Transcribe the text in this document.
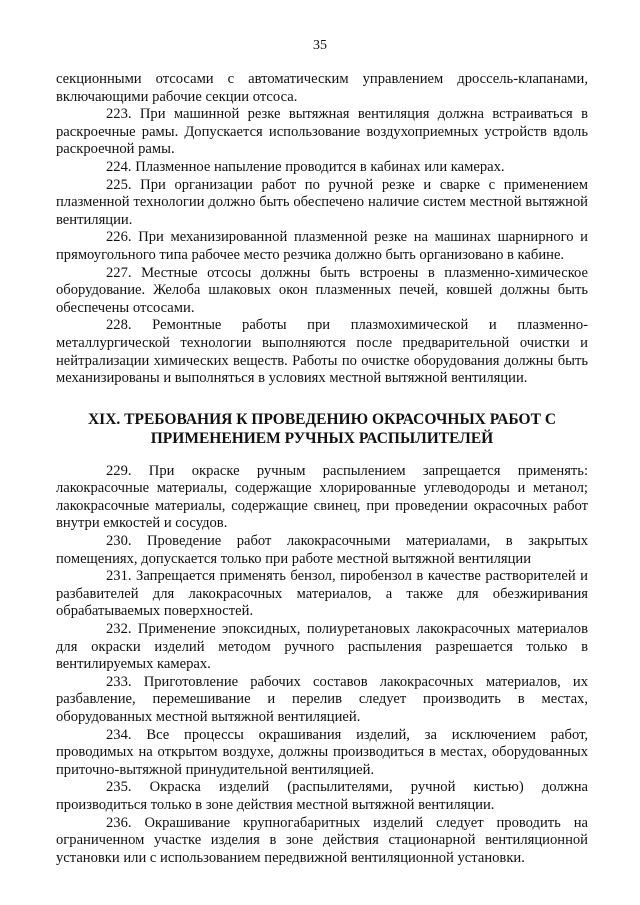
35

секционными отсосами с автоматическим управлением дроссель-клапанами, включающими рабочие секции отсоса.

223. При машинной резке вытяжная вентиляция должна встраиваться в раскроечные рамы. Допускается использование воздухоприемных устройств вдоль раскроечной рамы.

224. Плазменное напыление проводится в кабинах или камерах.

225. При организации работ по ручной резке и сварке с применением плазменной технологии должно быть обеспечено наличие систем местной вытяжной вентиляции.

226. При механизированной плазменной резке на машинах шарнирного и прямоугольного типа рабочее место резчика должно быть организовано в кабине.

227. Местные отсосы должны быть встроены в плазменно-химическое оборудование. Желоба шлаковых окон плазменных печей, ковшей должны быть обеспечены отсосами.

228. Ремонтные работы при плазмохимической и плазменно-металлургической технологии выполняются после предварительной очистки и нейтрализации химических веществ. Работы по очистке оборудования должны быть механизированы и выполняться в условиях местной вытяжной вентиляции.

XIX. ТРЕБОВАНИЯ К ПРОВЕДЕНИЮ ОКРАСОЧНЫХ РАБОТ С ПРИМЕНЕНИЕМ РУЧНЫХ РАСПЫЛИТЕЛЕЙ

229. При окраске ручным распылением запрещается применять: лакокрасочные материалы, содержащие хлорированные углеводороды и метанол; лакокрасочные материалы, содержащие свинец, при проведении окрасочных работ внутри емкостей и сосудов.

230. Проведение работ лакокрасочными материалами, в закрытых помещениях, допускается только при работе местной вытяжной вентиляции

231. Запрещается применять бензол, пиробензол в качестве растворителей и разбавителей для лакокрасочных материалов, а также для обезжиривания обрабатываемых поверхностей.

232. Применение эпоксидных, полиуретановых лакокрасочных материалов для окраски изделий методом ручного распыления разрешается только в вентилируемых камерах.

233. Приготовление рабочих составов лакокрасочных материалов, их разбавление, перемешивание и перелив следует производить в местах, оборудованных местной вытяжной вентиляцией.

234. Все процессы окрашивания изделий, за исключением работ, проводимых на открытом воздухе, должны производиться в местах, оборудованных приточно-вытяжной принудительной вентиляцией.

235. Окраска изделий (распылителями, ручной кистью) должна производиться только в зоне действия местной вытяжной вентиляции.

236. Окрашивание крупногабаритных изделий следует проводить на ограниченном участке изделия в зоне действия стационарной вентиляционной установки или с использованием передвижной вентиляционной установки.
